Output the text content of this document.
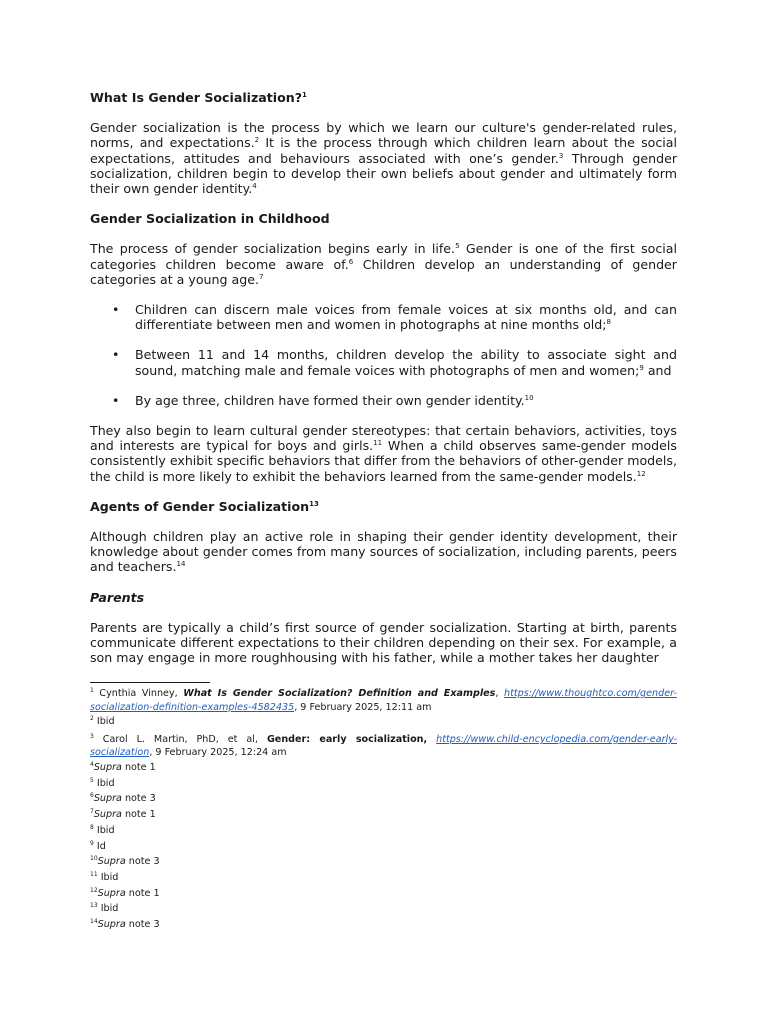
What Is Gender Socialization?$^1$
Gender socialization is the process by which we learn our culture's gender-related rules, norms, and expectations.$^2$ It is the process through which children learn about the social expectations, attitudes and behaviours associated with one’s gender.$^3$ Through gender socialization, children begin to develop their own beliefs about gender and ultimately form their own gender identity.$^4$
Gender Socialization in Childhood
The process of gender socialization begins early in life.$^5$ Gender is one of the first social categories children become aware of.$^6$ Children develop an understanding of gender categories at a young age.$^7$
• Children can discern male voices from female voices at six months old, and can differentiate between men and women in photographs at nine months old;$^8$
• Between 11 and 14 months, children develop the ability to associate sight and sound, matching male and female voices with photographs of men and women;$^9$ and
• By age three, children have formed their own gender identity.$^{10}$
They also begin to learn cultural gender stereotypes: that certain behaviors, activities, toys and interests are typical for boys and girls.$^{11}$ When a child observes same-gender models consistently exhibit specific behaviors that differ from the behaviors of other-gender models, the child is more likely to exhibit the behaviors learned from the same-gender models.$^{12}$
Agents of Gender Socialization$^{13}$
Although children play an active role in shaping their gender identity development, their knowledge about gender comes from many sources of socialization, including parents, peers and teachers.$^{14}$
Parents
Parents are typically a child’s first source of gender socialization. Starting at birth, parents communicate different expectations to their children depending on their sex. For example, a son may engage in more roughhousing with his father, while a mother takes her daughter
$^1$ Cynthia Vinney, What Is Gender Socialization? Definition and Examples, https://www.thoughtco.com/gender-socialization-definition-examples-4582435, 9 February 2025, 12:11 am
$^2$ Ibid
$^3$ Carol L. Martin, PhD, et al, Gender: early socialization, https://www.child-encyclopedia.com/gender-early-socialization, 9 February 2025, 12:24 am
$^4$Supra note 1
$^5$ Ibid
$^6$Supra note 3
$^7$Supra note 1
$^8$ Ibid
$^9$ Id
$^{10}$Supra note 3
$^{11}$ Ibid
$^{12}$Supra note 1
$^{13}$ Ibid
$^{14}$Supra note 3
